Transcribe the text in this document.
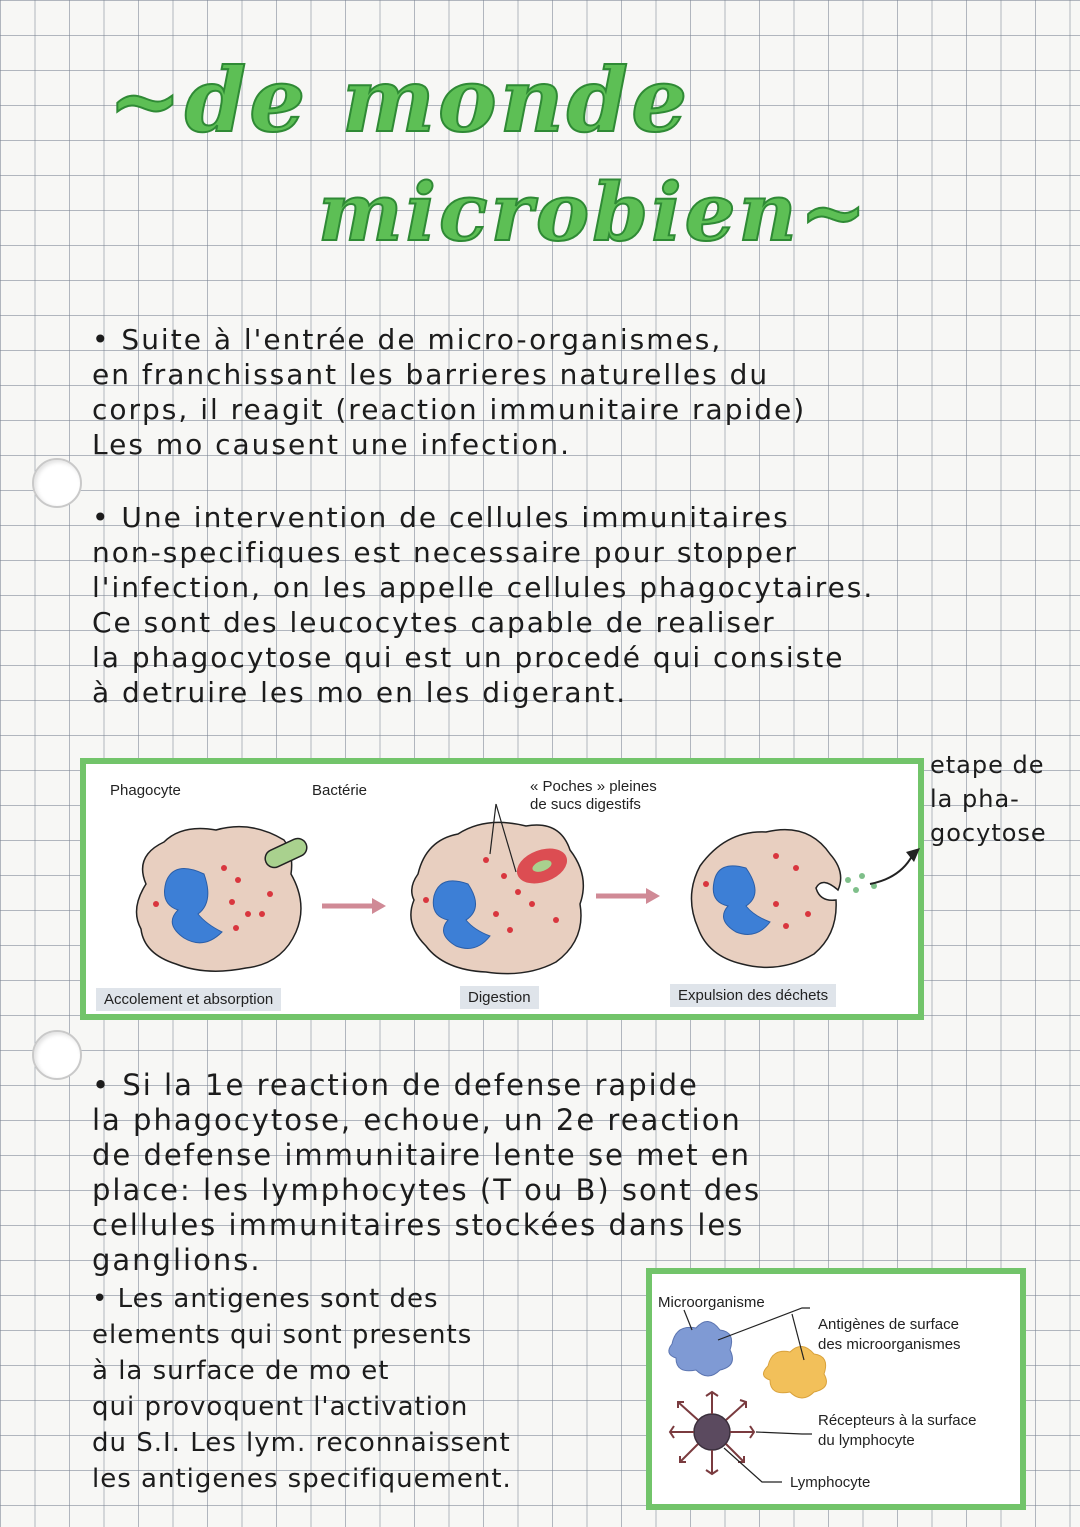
~de monde
microbien~
• Suite à l'entrée de micro-organismes,
en franchissant les barrieres naturelles du
corps, il reagit (reaction immunitaire rapide)
Les mo causent une infection.
• Une intervention de cellules immunitaires
non-specifiques est necessaire pour stopper
l'infection, on les appelle cellules phagocytaires.
Ce sont des leucocytes capable de realiser
la phagocytose qui est un procedé qui consiste
à detruire les mo en les digerant.
etape de
la pha-
gocytose
Phagocyte	Bactérie	« Poches » pleines
de sucs digestifs
Accolement et absorption	Digestion	Expulsion des déchets
• Si la 1e reaction de defense rapide
la phagocytose, echoue, un 2e reaction
de defense immunitaire lente se met en
place: les lymphocytes (T ou B) sont des
cellules immunitaires stockées dans les
ganglions.
• Les antigenes sont des
elements qui sont presents
à la surface de mo et
qui provoquent l'activation
du S.I. Les lym. reconnaissent
les antigenes specifiquement.
Microorganisme
Antigènes de surface
des microorganismes
Récepteurs à la surface
du lymphocyte
Lymphocyte
